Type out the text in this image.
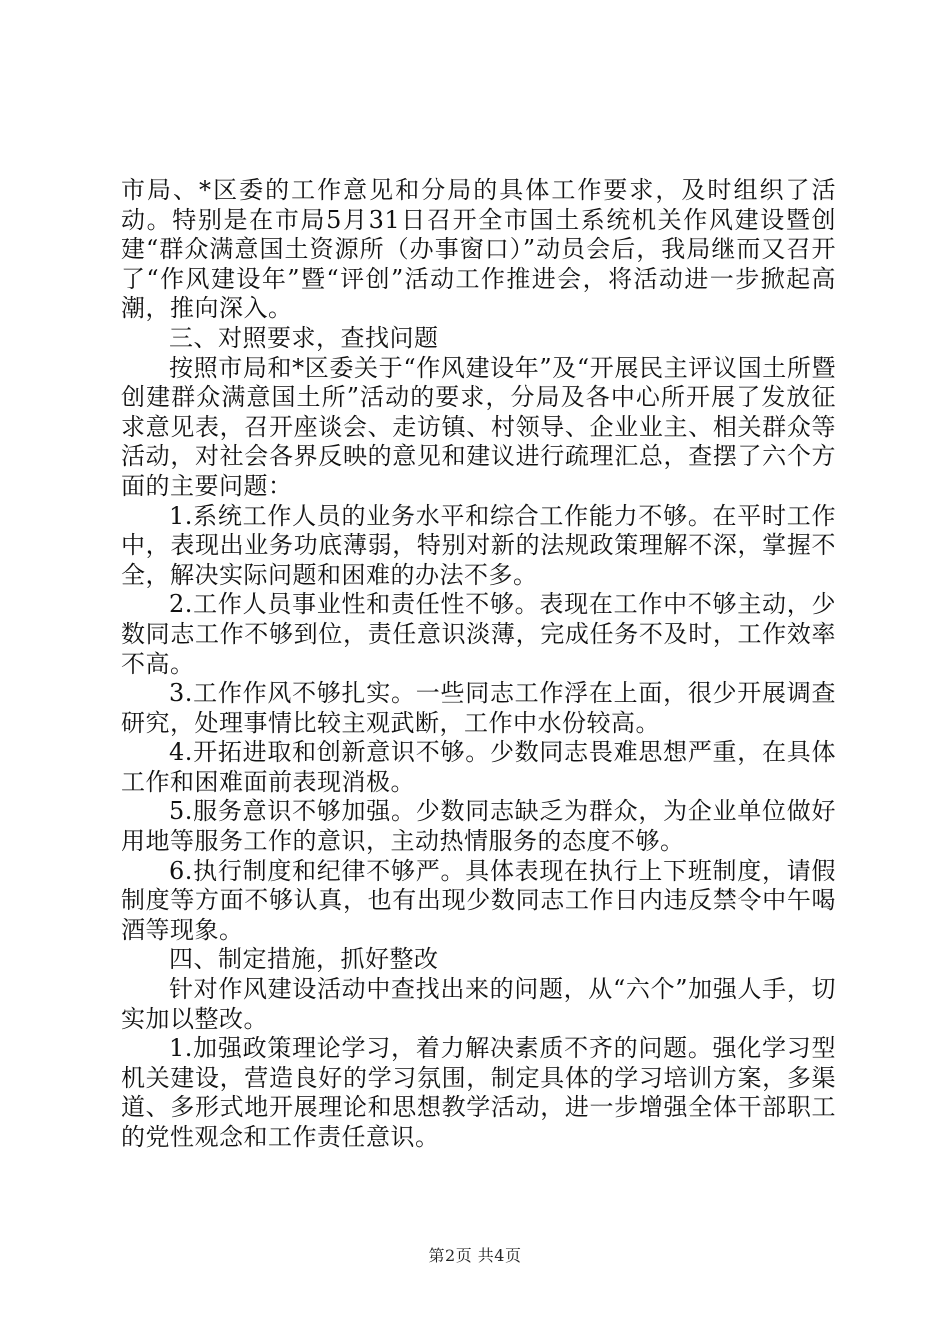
市局、*区委的工作意见和分局的具体工作要求，及时组织了活动。特别是在市局5月31日召开全市国土系统机关作风建设暨创建“群众满意国土资源所（办事窗口）”动员会后，我局继而又召开了“作风建设年”暨“评创”活动工作推进会，将活动进一步掀起高潮，推向深入。

三、对照要求，查找问题

按照市局和*区委关于“作风建设年”及“开展民主评议国土所暨创建群众满意国土所”活动的要求，分局及各中心所开展了发放征求意见表，召开座谈会、走访镇、村领导、企业业主、相关群众等活动，对社会各界反映的意见和建议进行疏理汇总，查摆了六个方面的主要问题：

1.系统工作人员的业务水平和综合工作能力不够。在平时工作中，表现出业务功底薄弱，特别对新的法规政策理解不深，掌握不全，解决实际问题和困难的办法不多。

2.工作人员事业性和责任性不够。表现在工作中不够主动，少数同志工作不够到位，责任意识淡薄，完成任务不及时，工作效率不高。

3.工作作风不够扎实。一些同志工作浮在上面，很少开展调查研究，处理事情比较主观武断，工作中水份较高。

4.开拓进取和创新意识不够。少数同志畏难思想严重，在具体工作和困难面前表现消极。

5.服务意识不够加强。少数同志缺乏为群众，为企业单位做好用地等服务工作的意识，主动热情服务的态度不够。

6.执行制度和纪律不够严。具体表现在执行上下班制度，请假制度等方面不够认真，也有出现少数同志工作日内违反禁令中午喝酒等现象。

四、制定措施，抓好整改

针对作风建设活动中查找出来的问题，从“六个”加强人手，切实加以整改。

1.加强政策理论学习，着力解决素质不齐的问题。强化学习型机关建设，营造良好的学习氛围，制定具体的学习培训方案，多渠道、多形式地开展理论和思想教学活动，进一步增强全体干部职工的党性观念和工作责任意识。

第2页 共4页
